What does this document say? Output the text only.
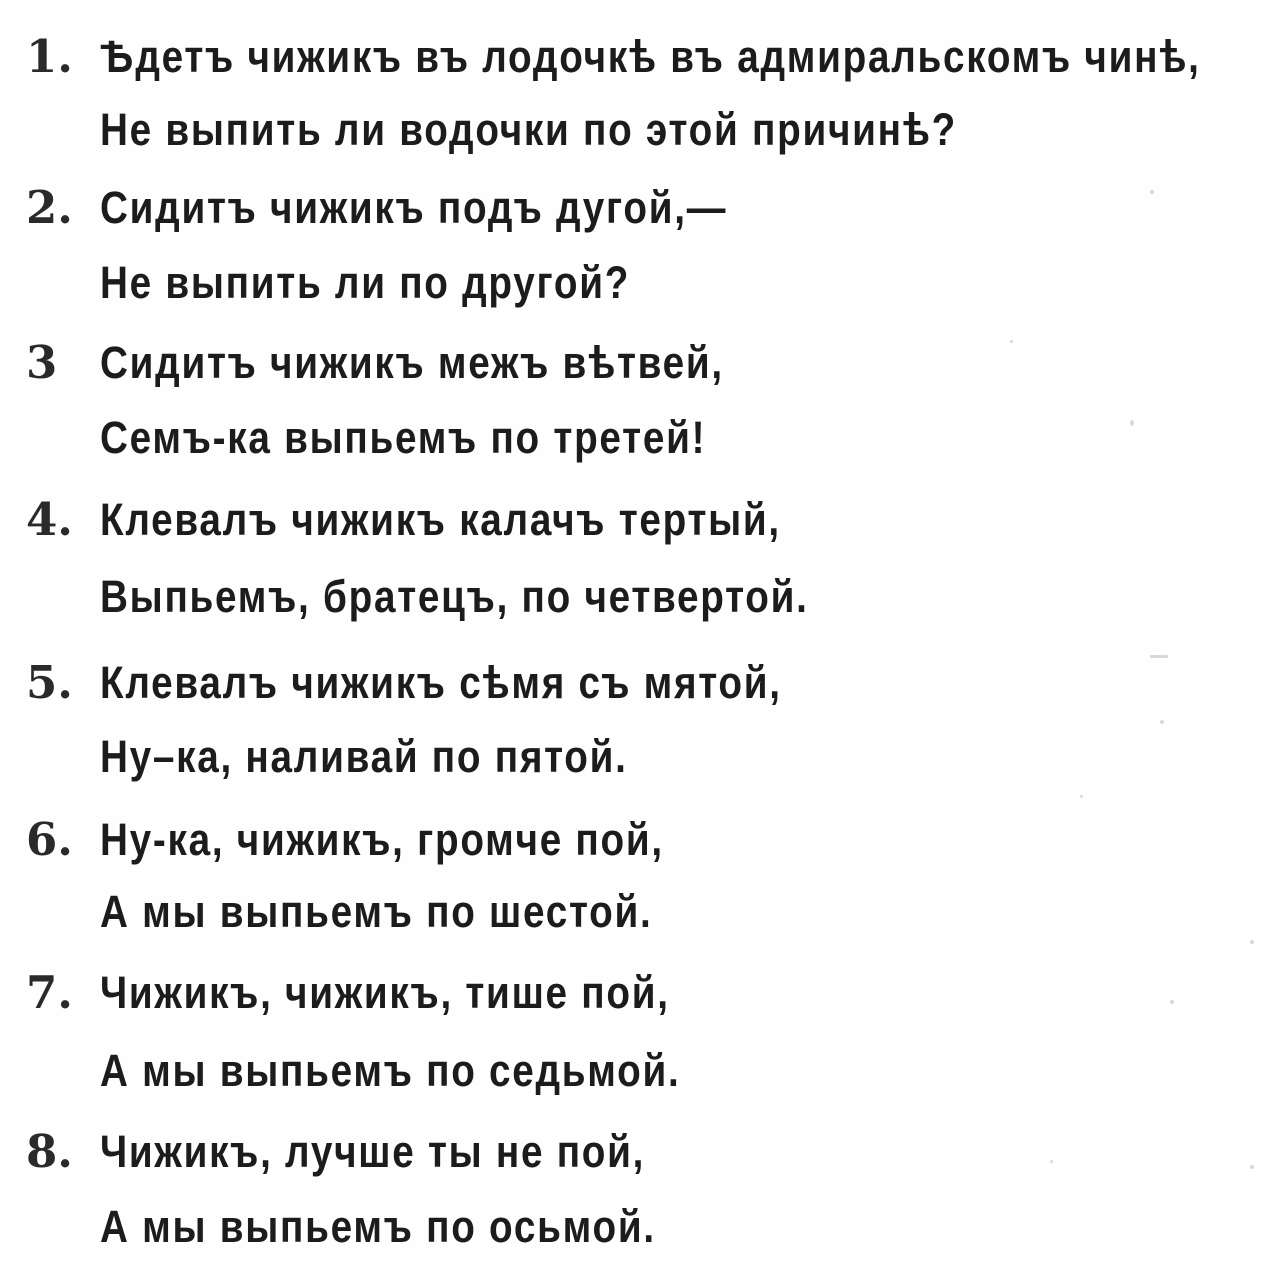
1. Ѣдетъ чижикъ въ лодочкѣ въ адмиральскомъ чинѣ,
Не выпить ли водочки по этой причинѣ?
2. Сидитъ чижикъ подъ дугой,—
Не выпить ли по другой?
3 Сидитъ чижикъ межъ вѣтвей,
Семъ-ка выпьемъ по третей!
4. Клевалъ чижикъ калачъ тертый,
Выпьемъ, братецъ, по четвертой.
5. Клевалъ чижикъ сѣмя съ мятой,
Ну–ка, наливай по пятой.
6. Ну-ка, чижикъ, громче пой,
А мы выпьемъ по шестой.
7. Чижикъ, чижикъ, тише пой,
А мы выпьемъ по седьмой.
8. Чижикъ, лучше ты не пой,
А мы выпьемъ по осьмой.
